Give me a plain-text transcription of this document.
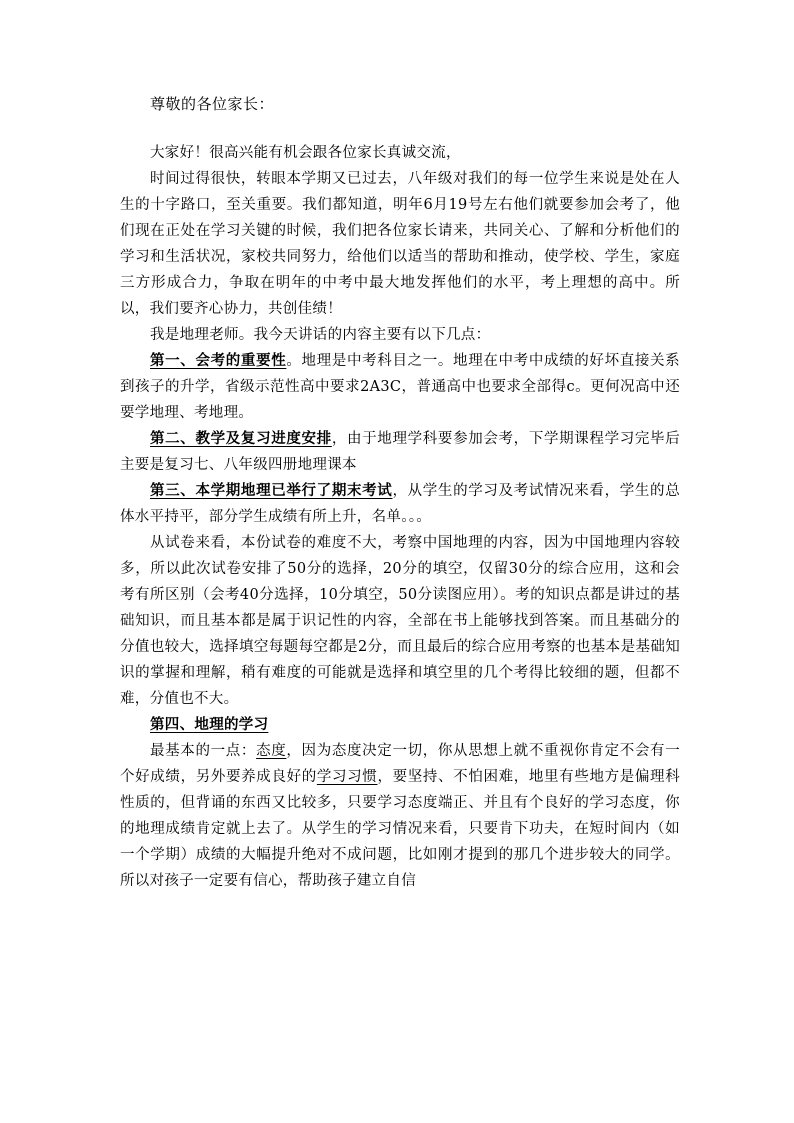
尊敬的各位家长：

大家好！很高兴能有机会跟各位家长真诚交流，

时间过得很快，转眼本学期又已过去，八年级对我们的每一位学生来说是处在人生的十字路口，至关重要。我们都知道，明年6月19号左右他们就要参加会考了，他们现在正处在学习关键的时候，我们把各位家长请来，共同关心、了解和分析他们的学习和生活状况，家校共同努力，给他们以适当的帮助和推动，使学校、学生，家庭三方形成合力，争取在明年的中考中最大地发挥他们的水平，考上理想的高中。所以，我们要齐心协力，共创佳绩！

我是地理老师。我今天讲话的内容主要有以下几点：

第一、会考的重要性。地理是中考科目之一。地理在中考中成绩的好坏直接关系到孩子的升学，省级示范性高中要求2A3C，普通高中也要求全部得c。更何况高中还要学地理、考地理。

第二、教学及复习进度安排，由于地理学科要参加会考，下学期课程学习完毕后主要是复习七、八年级四册地理课本

第三、本学期地理已举行了期末考试，从学生的学习及考试情况来看，学生的总体水平持平，部分学生成绩有所上升，名单。。。

从试卷来看，本份试卷的难度不大，考察中国地理的内容，因为中国地理内容较多，所以此次试卷安排了50分的选择，20分的填空，仅留30分的综合应用，这和会考有所区别（会考40分选择，10分填空，50分读图应用）。考的知识点都是讲过的基础知识，而且基本都是属于识记性的内容，全部在书上能够找到答案。而且基础分的分值也较大，选择填空每题每空都是2分，而且最后的综合应用考察的也基本是基础知识的掌握和理解，稍有难度的可能就是选择和填空里的几个考得比较细的题，但都不难，分值也不大。

第四、地理的学习

最基本的一点：态度，因为态度决定一切，你从思想上就不重视你肯定不会有一个好成绩，另外要养成良好的学习习惯，要坚持、不怕困难，地里有些地方是偏理科性质的，但背诵的东西又比较多，只要学习态度端正、并且有个良好的学习态度，你的地理成绩肯定就上去了。从学生的学习情况来看，只要肯下功夫，在短时间内（如一个学期）成绩的大幅提升绝对不成问题，比如刚才提到的那几个进步较大的同学。所以对孩子一定要有信心，帮助孩子建立自信
